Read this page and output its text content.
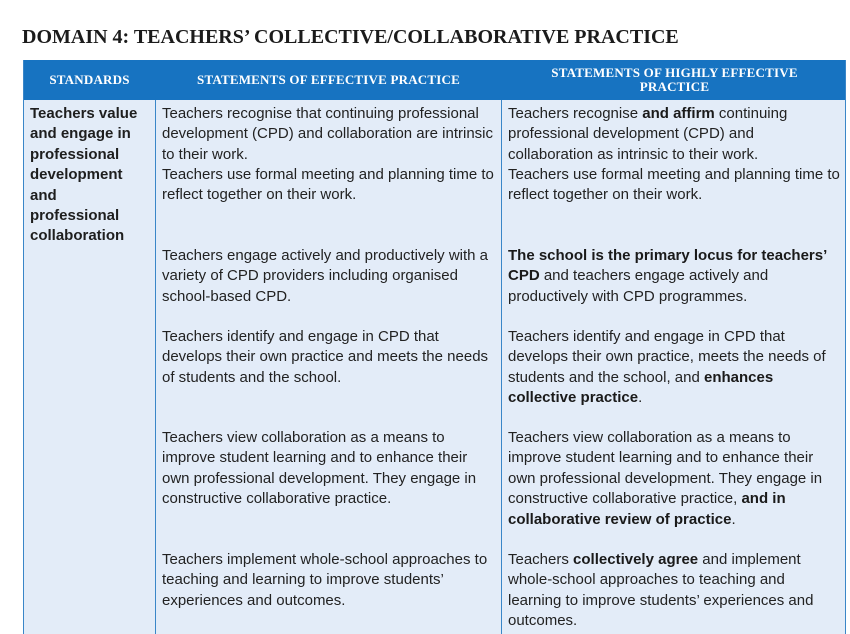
DOMAIN 4: TEACHERS’ COLLECTIVE/COLLABORATIVE PRACTICE
STANDARDS	STATEMENTS OF EFFECTIVE PRACTICE	STATEMENTS OF HIGHLY EFFECTIVE PRACTICE
Teachers value and engage in professional development and professional collaboration

Teachers recognise that continuing professional development (CPD) and collaboration are intrinsic to their work.

Teachers use formal meeting and planning time to reflect together on their work.

Teachers engage actively and productively with a variety of CPD providers including organised school-based CPD.

Teachers identify and engage in CPD that develops their own practice and meets the needs of students and the school.

Teachers view collaboration as a means to improve student learning and to enhance their own professional development. They engage in constructive collaborative practice.

Teachers implement whole-school approaches to teaching and learning to improve students’ experiences and outcomes.

Teachers recognise and affirm continuing professional development (CPD) and collaboration as intrinsic to their work.

Teachers use formal meeting and planning time to reflect together on their work.

The school is the primary locus for teachers’ CPD and teachers engage actively and productively with CPD programmes.

Teachers identify and engage in CPD that develops their own practice, meets the needs of students and the school, and enhances collective practice.

Teachers view collaboration as a means to improve student learning and to enhance their own professional development. They engage in constructive collaborative practice, and in collaborative review of practice.

Teachers collectively agree and implement whole-school approaches to teaching and learning to improve students’ experiences and outcomes.
